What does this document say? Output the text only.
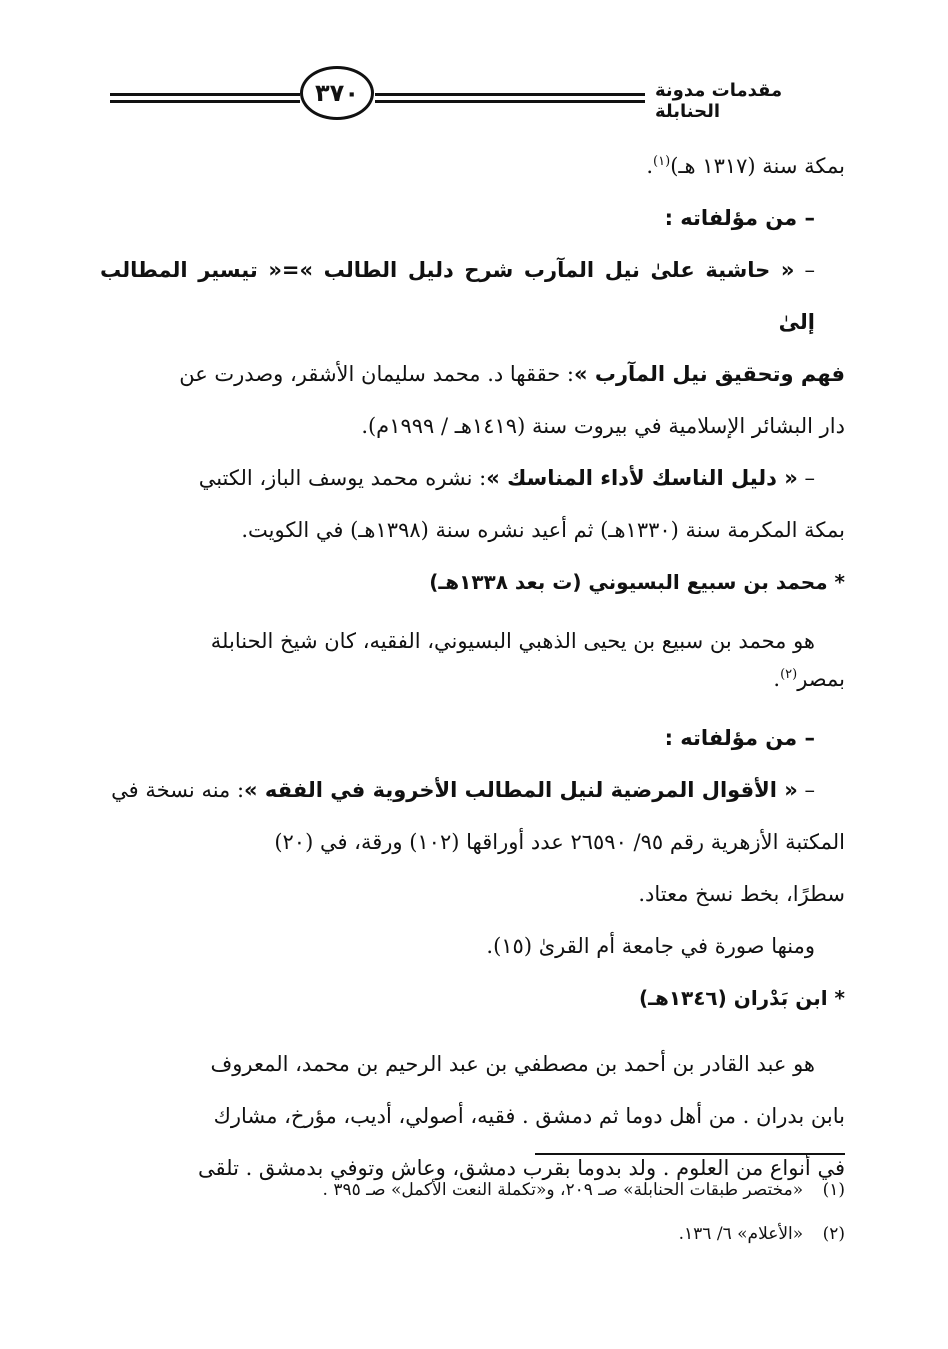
٣٧٠	مقدمات مدونة الحنابلة

بمكة سنة (١٣١٧ هـ)$^{(١)}$.

– من مؤلفاته :

– « حاشية علىٰ نيل المآرب شرح دليل الطالب »=« تيسير المطالب إلىٰ

فهم وتحقيق نيل المآرب »: حققها د. محمد سليمان الأشقر، وصدرت عن

دار البشائر الإسلامية في بيروت سنة (١٤١٩هـ / ١٩٩٩م).

– « دليل الناسك لأداء المناسك »: نشره محمد يوسف الباز، الكتبي

بمكة المكرمة سنة (١٣٣٠هـ) ثم أعيد نشره سنة (١٣٩٨هـ) في الكويت.

* محمد بن سبيع البسيوني (ت بعد ١٣٣٨هـ)

هو محمد بن سبيع بن يحيى الذهبي البسيوني، الفقيه، كان شيخ الحنابلة

بمصر$^{(٢)}$.

– من مؤلفاته :

– « الأقوال المرضية لنيل المطالب الأخروية في الفقه »: منه نسخة في

المكتبة الأزهرية رقم ٩٥/ ٢٦٥٩٠ عدد أوراقها (١٠٢) ورقة، في (٢٠)

سطرًا، بخط نسخ معتاد.

ومنها صورة في جامعة أم القرىٰ (١٥).

* ابن بَدْران (١٣٤٦هـ)

هو عبد القادر بن أحمد بن مصطفي بن عبد الرحيم بن محمد، المعروف

بابن بدران . من أهل دوما ثم دمشق . فقيه، أصولي، أديب، مؤرخ، مشارك

في أنواع من العلوم . ولد بدوما بقرب دمشق، وعاش وتوفي بدمشق . تلقى

(١) «مختصر طبقات الحنابلة» صـ ٢٠٩، و«تكملة النعت الأكمل» صـ ٣٩٥ .

(٢) «الأعلام» ٦/ ١٣٦.
